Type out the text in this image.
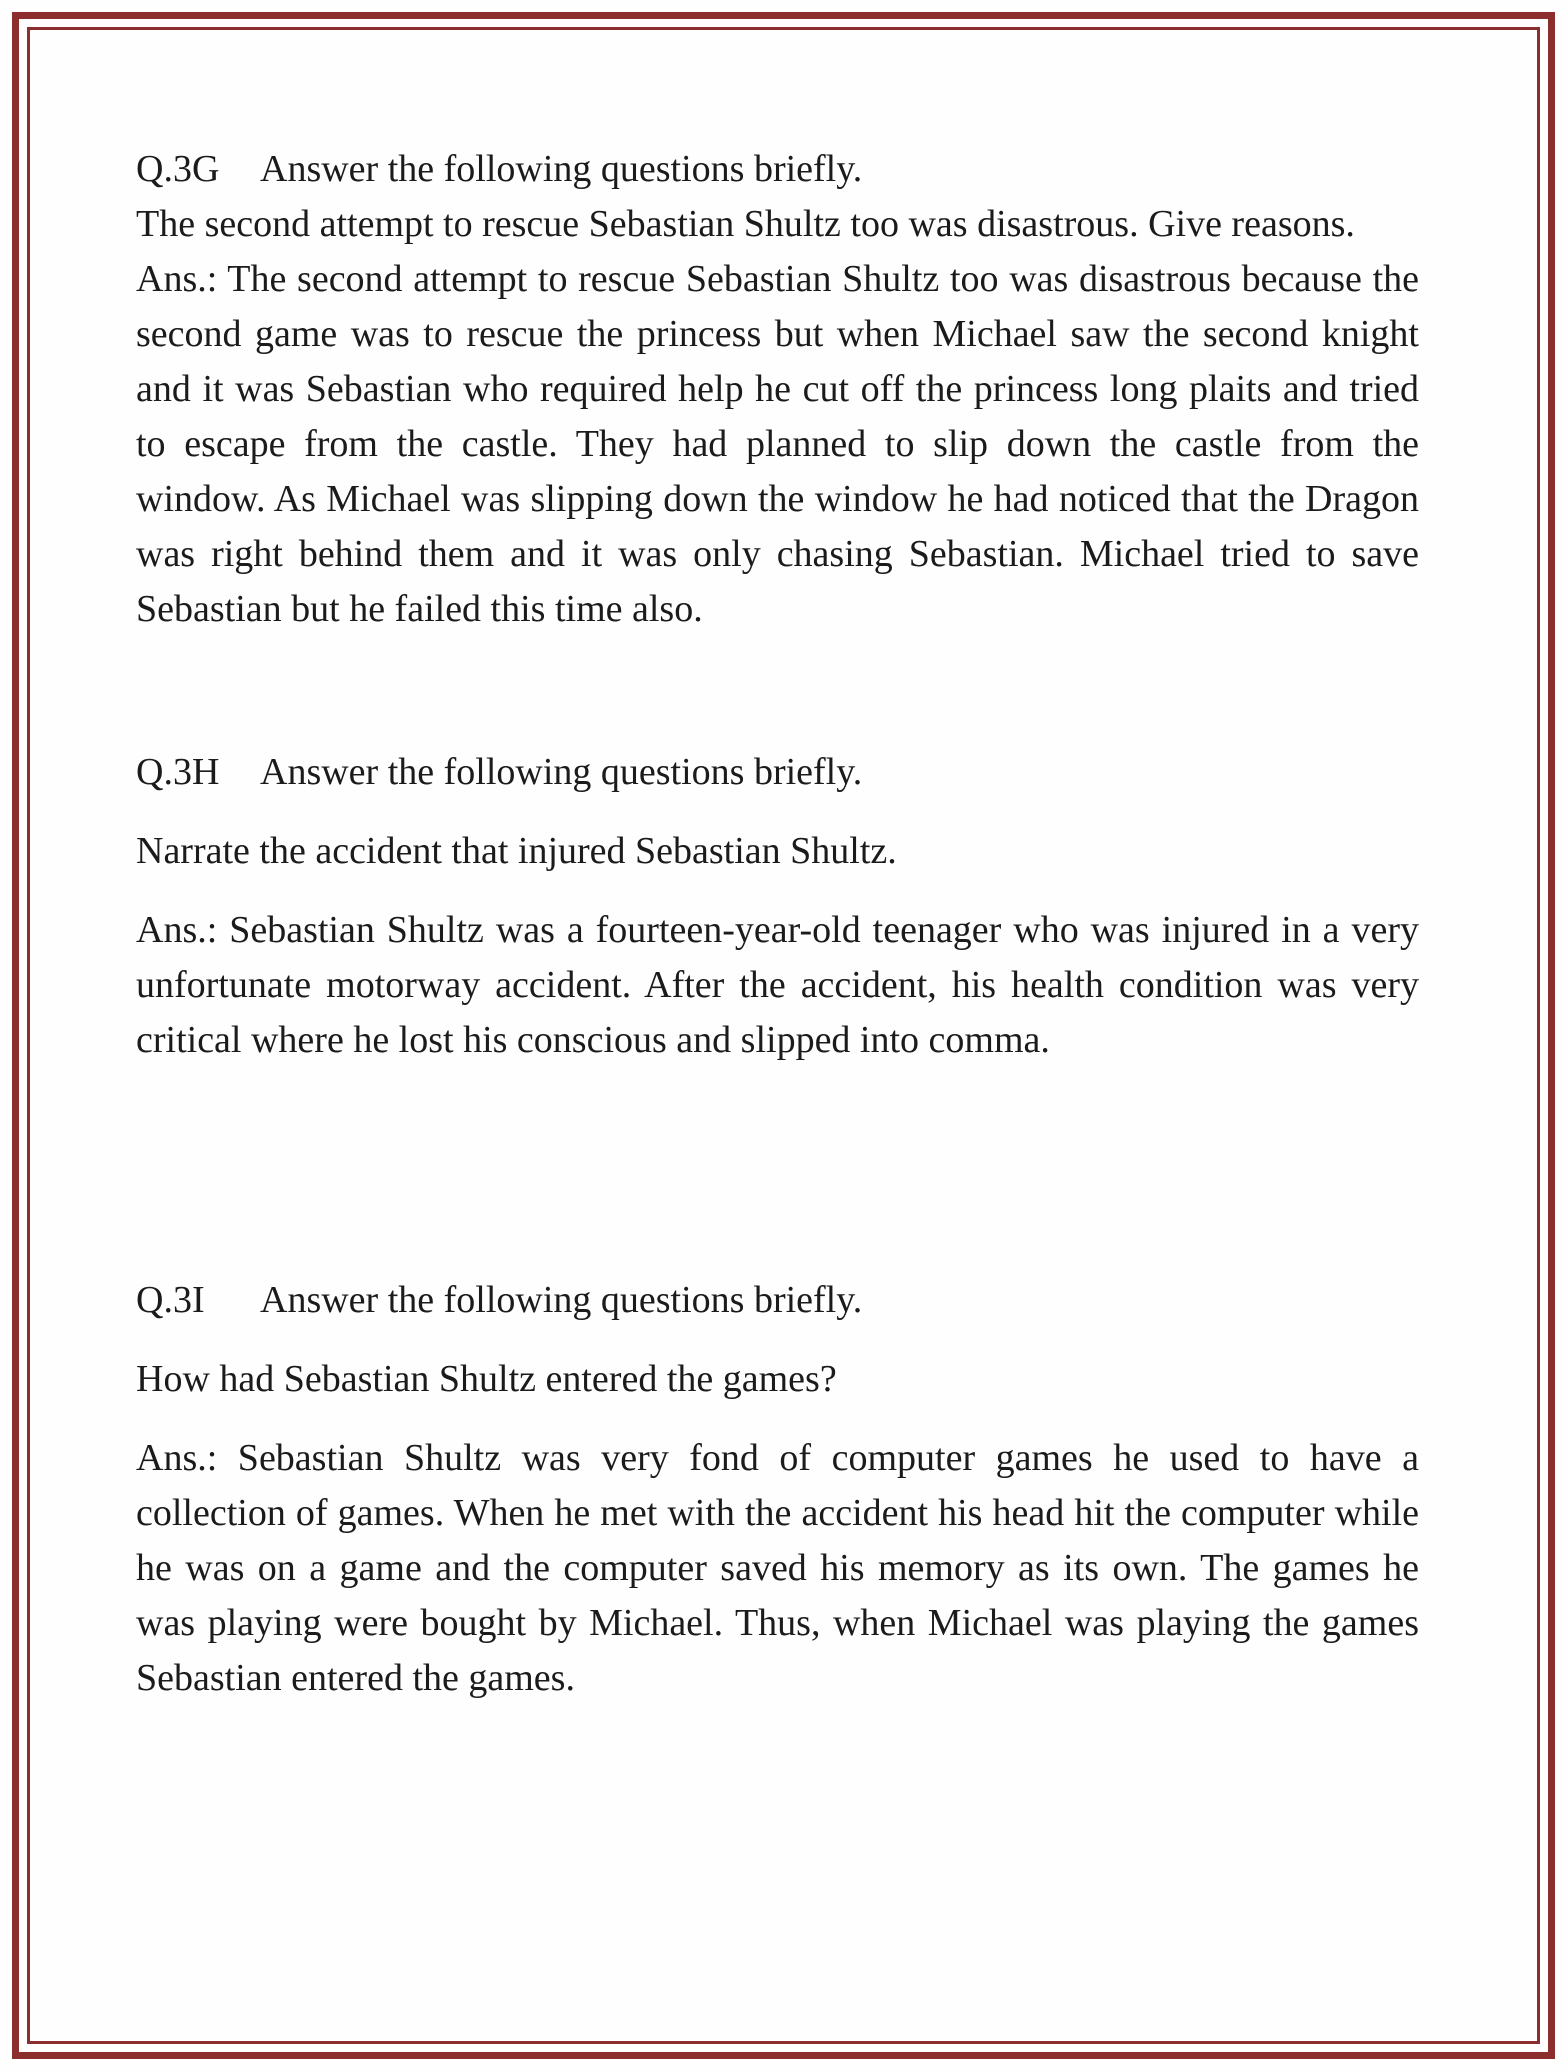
Q.3G Answer the following questions briefly.

The second attempt to rescue Sebastian Shultz too was disastrous. Give reasons.

Ans.: The second attempt to rescue Sebastian Shultz too was disastrous because the second game was to rescue the princess but when Michael saw the second knight and it was Sebastian who required help he cut off the princess long plaits and tried to escape from the castle. They had planned to slip down the castle from the window. As Michael was slipping down the window he had noticed that the Dragon was right behind them and it was only chasing Sebastian. Michael tried to save Sebastian but he failed this time also.

Q.3H Answer the following questions briefly.

Narrate the accident that injured Sebastian Shultz.

Ans.: Sebastian Shultz was a fourteen-year-old teenager who was injured in a very unfortunate motorway accident. After the accident, his health condition was very critical where he lost his conscious and slipped into comma.

Q.3I Answer the following questions briefly.

How had Sebastian Shultz entered the games?

Ans.: Sebastian Shultz was very fond of computer games he used to have a collection of games. When he met with the accident his head hit the computer while he was on a game and the computer saved his memory as its own. The games he was playing were bought by Michael. Thus, when Michael was playing the games Sebastian entered the games.
